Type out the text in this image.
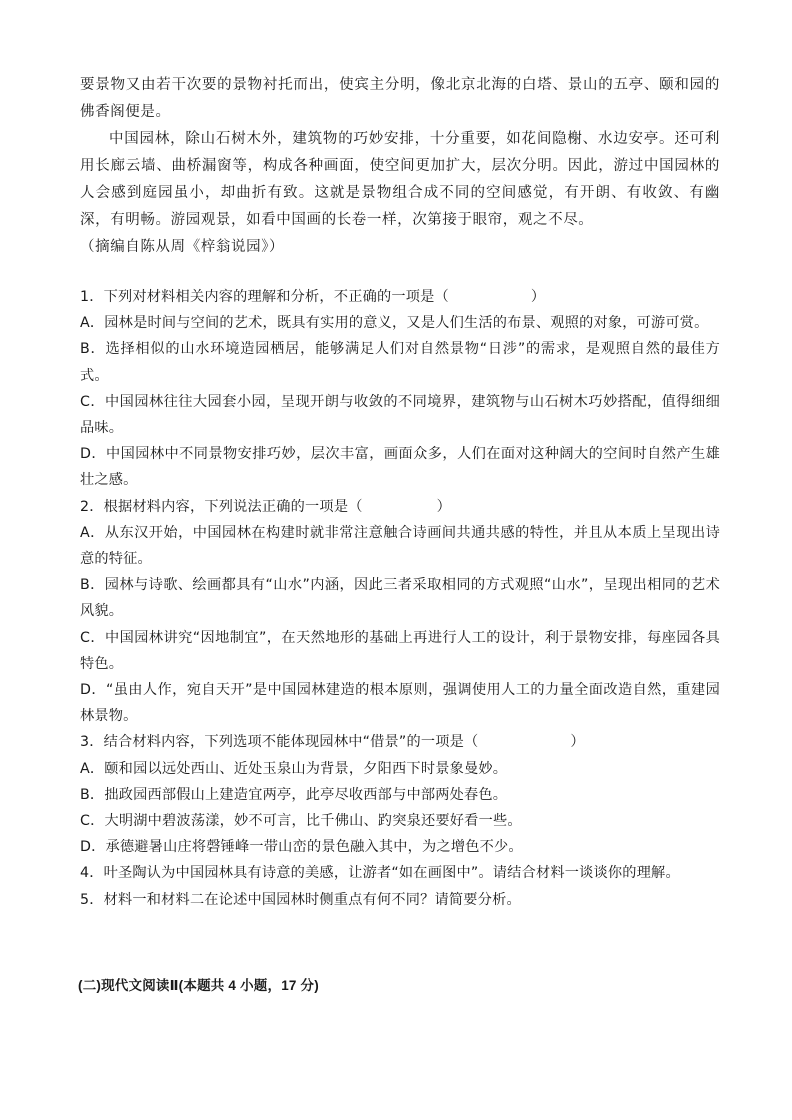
要景物又由若干次要的景物衬托而出，使宾主分明，像北京北海的白塔、景山的五亭、颐和园的佛香阁便是。

中国园林，除山石树木外，建筑物的巧妙安排，十分重要，如花间隐榭、水边安亭。还可利用长廊云墙、曲桥漏窗等，构成各种画面，使空间更加扩大，层次分明。因此，游过中国园林的人会感到庭园虽小，却曲折有致。这就是景物组合成不同的空间感觉，有开朗、有收敛、有幽深，有明畅。游园观景，如看中国画的长卷一样，次第接于眼帘，观之不尽。

（摘编自陈从周《梓翁说园》）

1．下列对材料相关内容的理解和分析，不正确的一项是（	）

A．园林是时间与空间的艺术，既具有实用的意义，又是人们生活的布景、观照的对象，可游可赏。

B．选择相似的山水环境造园栖居，能够满足人们对自然景物“日涉”的需求，是观照自然的最佳方式。

C．中国园林往往大园套小园，呈现开朗与收敛的不同境界，建筑物与山石树木巧妙搭配，值得细细品味。

D．中国园林中不同景物安排巧妙，层次丰富，画面众多，人们在面对这种阔大的空间时自然产生雄壮之感。

2．根据材料内容，下列说法正确的一项是（	）

A．从东汉开始，中国园林在构建时就非常注意触合诗画间共通共感的特性，并且从本质上呈现出诗意的特征。

B．园林与诗歌、绘画都具有“山水”内涵，因此三者采取相同的方式观照“山水”，呈现出相同的艺术风貌。

C．中国园林讲究“因地制宜”，在天然地形的基础上再进行人工的设计，利于景物安排，每座园各具特色。

D．“虽由人作，宛自天开”是中国园林建造的根本原则，强调使用人工的力量全面改造自然，重建园林景物。

3．结合材料内容，下列选项不能体现园林中“借景”的一项是（	）

A．颐和园以远处西山、近处玉泉山为背景，夕阳西下时景象曼妙。

B．拙政园西部假山上建造宜两亭，此亭尽收西部与中部两处春色。

C．大明湖中碧波荡漾，妙不可言，比千佛山、趵突泉还要好看一些。

D．承德避暑山庄将磬锤峰一带山峦的景色融入其中，为之增色不少。

4．叶圣陶认为中国园林具有诗意的美感，让游者“如在画图中”。请结合材料一谈谈你的理解。

5．材料一和材料二在论述中国园林时侧重点有何不同？请简要分析。

(二)现代文阅读Ⅱ(本题共 4 小题，17 分)
